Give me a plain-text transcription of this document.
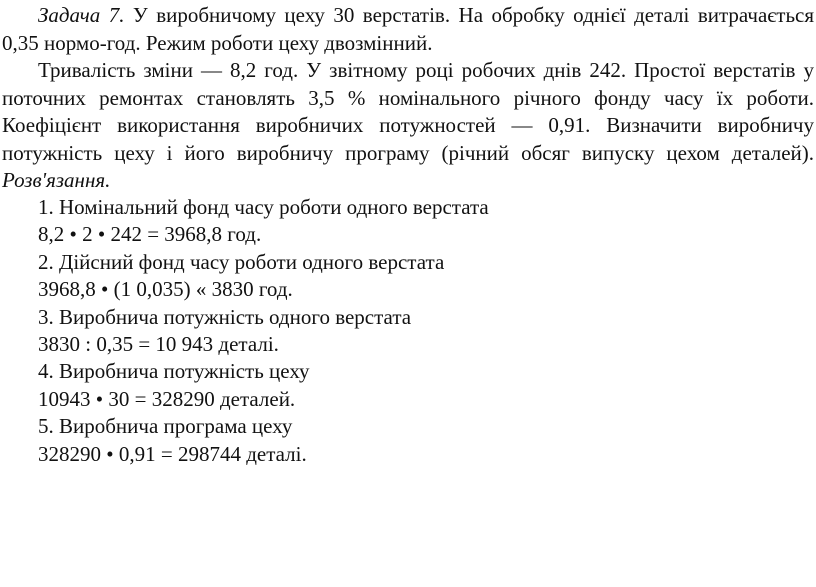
Задача 7. У виробничому цеху 30 верстатів. На обробку однієї деталі витрачається 0,35 нормо-год. Режим роботи цеху двозмінний.

Тривалість зміни — 8,2 год. У звітному році робочих днів 242. Простої верстатів у поточних ремонтах становлять 3,5 % номінального річного фонду часу їх роботи. Коефіцієнт використання виробничих потужностей — 0,91. Визначити виробничу потужність цеху і його виробничу програму (річний обсяг випуску цехом деталей). Розв'язання.

1. Номінальний фонд часу роботи одного верстата
8,2 • 2 • 242 = 3968,8 год.
2. Дійсний фонд часу роботи одного верстата
3968,8 • (1 0,035) « 3830 год.
3. Виробнича потужність одного верстата
3830 : 0,35 = 10 943 деталі.
4. Виробнича потужність цеху
10943 • 30 = 328290 деталей.
5. Виробнича програма цеху
328290 • 0,91 = 298744 деталі.
